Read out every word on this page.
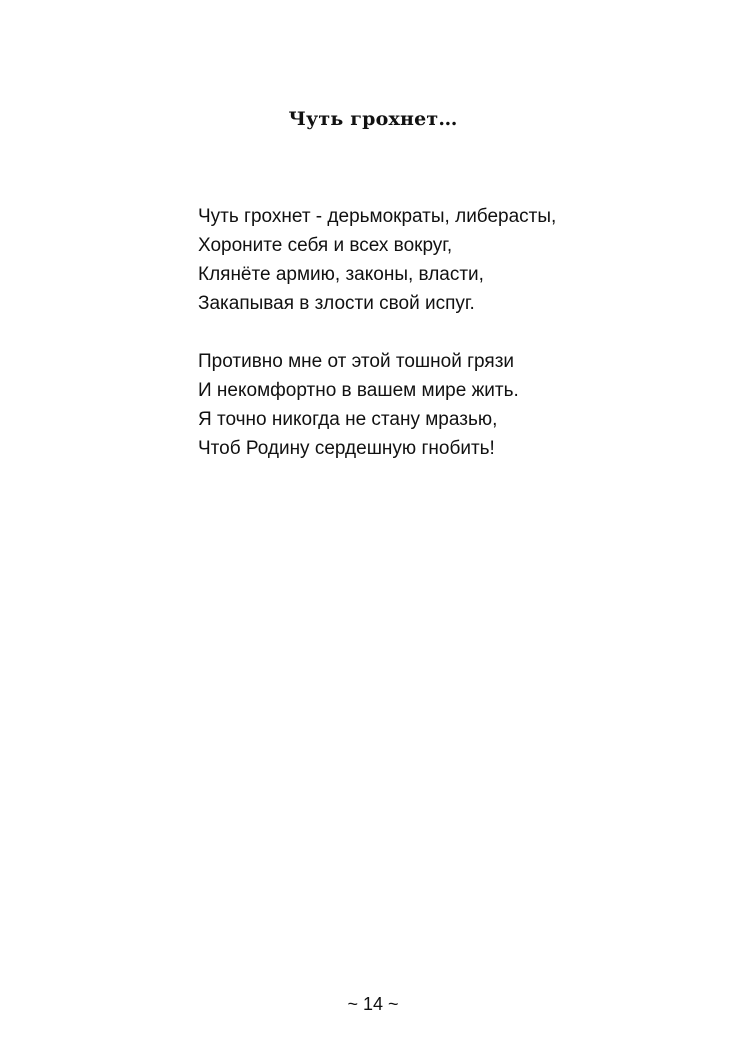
Чуть грохнет…
Чуть грохнет - дерьмократы, либерасты,
Хороните себя и всех вокруг,
Клянёте армию, законы, власти,
Закапывая в злости свой испуг.
Противно мне от этой тошной грязи
И некомфортно в вашем мире жить.
Я точно никогда не стану мразью,
Чтоб Родину сердешную гнобить!
~ 14 ~
